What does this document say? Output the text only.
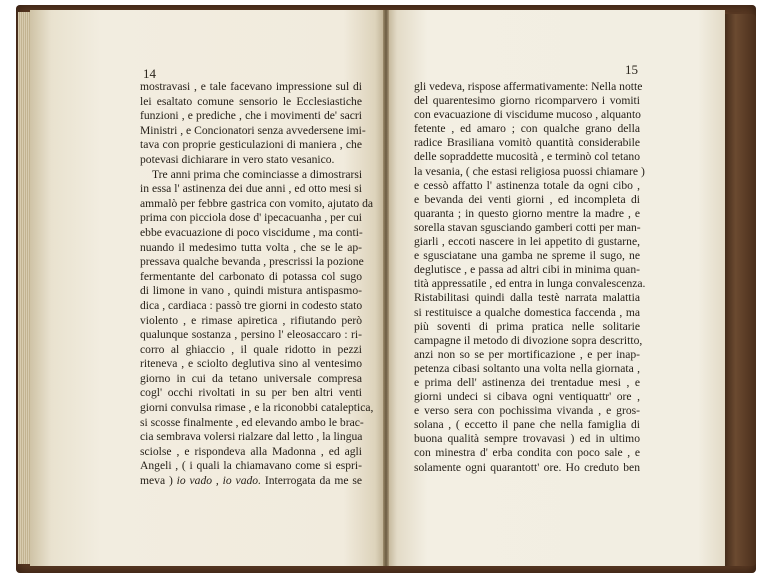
14	15
mostravasi , e tale facevano impressione sul di
lei esaltato comune sensorio le Ecclesiastiche
funzioni , e prediche , che i movimenti de' sacri
Ministri , e Concionatori senza avvedersene imi-
tava con proprie gesticulazioni di maniera , che
potevasi dichiarare in vero stato vesanico.
Tre anni prima che cominciasse a dimostrarsi
in essa l' astinenza dei due anni , ed otto mesi si
ammalò per febbre gastrica con vomito, ajutato da
prima con picciola dose d' ipecacuanha , per cui
ebbe evacuazione di poco viscidume , ma conti-
nuando il medesimo tutta volta , che se le ap-
pressava qualche bevanda , prescrissi la pozione
fermentante del carbonato di potassa col sugo
di limone in vano , quindi mistura antispasmo-
dica , cardiaca : passò tre giorni in codesto stato
violento , e rimase apiretica , rifiutando però
qualunque sostanza , persino l' eleosaccaro : ri-
corro al ghiaccio , il quale ridotto in pezzi
riteneva , e sciolto deglutiva sino al ventesimo
giorno in cui da tetano universale compresa
cogl' occhi rivoltati in su per ben altri venti
giorni convulsa rimase , e la riconobbi cataleptica,
si scosse finalmente , ed elevando ambo le brac-
cia sembrava volersi rialzare dal letto , la lingua
sciolse , e rispondeva alla Madonna , ed agli
Angeli , ( i quali la chiamavano come si espri-
meva ) io vado , io vado. Interrogata da me se
gli vedeva, rispose affermativamente: Nella notte
del quarentesimo giorno ricomparvero i vomiti
con evacuazione di viscidume mucoso , alquanto
fetente , ed amaro ; con qualche grano della
radice Brasiliana vomitò quantità considerabile
delle sopraddette mucosità , e terminò col tetano
la vesania, ( che estasi religiosa puossi chiamare )
e cessò affatto l' astinenza totale da ogni cibo ,
e bevanda dei venti giorni , ed incompleta di
quaranta ; in questo giorno mentre la madre , e
sorella stavan sgusciando gamberi cotti per man-
giarli , eccoti nascere in lei appetito di gustarne,
e sgusciatane una gamba ne spreme il sugo, ne
deglutisce , e passa ad altri cibi in minima quan-
tità appressatile , ed entra in lunga convalescenza.
Ristabilitasi quindi dalla testè narrata malattia
si restituisce a qualche domestica faccenda , ma
più soventi di prima pratica nelle solitarie
campagne il metodo di divozione sopra descritto,
anzi non so se per mortificazione , e per inap-
petenza cibasi soltanto una volta nella giornata ,
e prima dell' astinenza dei trentadue mesi , e
giorni undeci si cibava ogni ventiquattr' ore ,
e verso sera con pochissima vivanda , e gros-
solana , ( eccetto il pane che nella famiglia di
buona qualità sempre trovavasi ) ed in ultimo
con minestra d' erba condita con poco sale , e
solamente ogni quarantott' ore. Ho creduto ben
